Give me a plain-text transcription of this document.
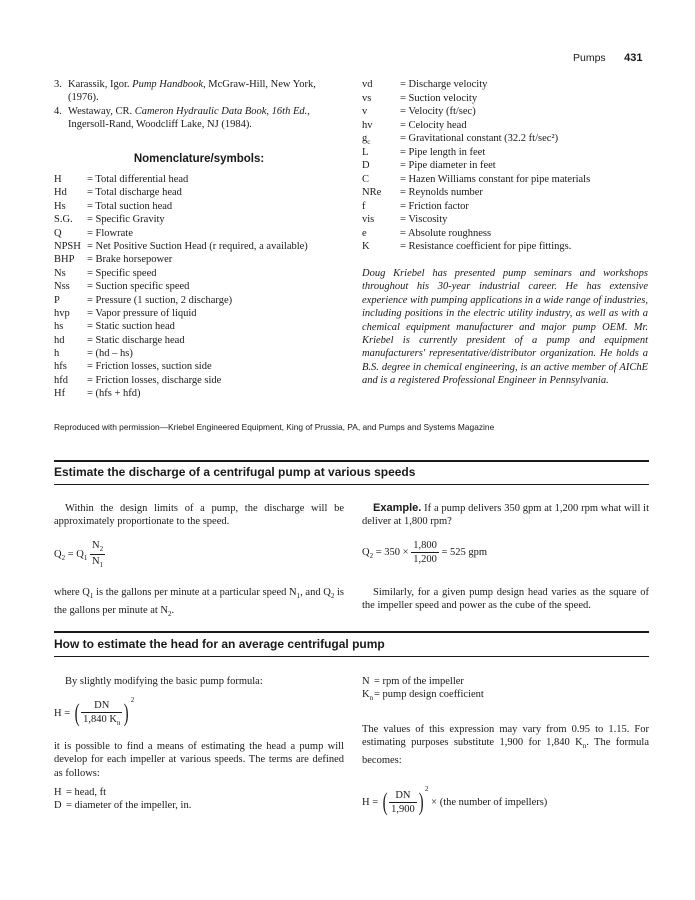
Pumps 431
3. Karassik, Igor. Pump Handbook, McGraw-Hill, New York, (1976).
4. Westaway, CR. Cameron Hydraulic Data Book, 16th Ed., Ingersoll-Rand, Woodcliff Lake, NJ (1984).
Nomenclature/symbols:
H	= Total differential head
Hd	= Total discharge head
Hs	= Total suction head
S.G.	= Specific Gravity
Q	= Flowrate
NPSH = Net Positive Suction Head (r required, a available)
BHP	= Brake horsepower
Ns	= Specific speed
Nss	= Suction specific speed
P	= Pressure (1 suction, 2 discharge)
hvp	= Vapor pressure of liquid
hs	= Static suction head
hd	= Static discharge head
h	= (hd – hs)
hfs	= Friction losses, suction side
hfd	= Friction losses, discharge side
Hf	= (hfs + hfd)
vd	= Discharge velocity
vs	= Suction velocity
v	= Velocity (ft/sec)
hv	= Celocity head
$g_c$	= Gravitational constant (32.2 ft/sec²)
L	= Pipe length in feet
D	= Pipe diameter in feet
C	= Hazen Williams constant for pipe materials
NRe	= Reynolds number
f	= Friction factor
vis	= Viscosity
e	= Absolute roughness
K	= Resistance coefficient for pipe fittings.
Doug Kriebel has presented pump seminars and workshops throughout his 30-year industrial career. He has extensive experience with pumping applications in a wide range of industries, including positions in the electric utility industry, as well as with a chemical equipment manufacturer and major pump OEM. Mr. Kriebel is currently president of a pump and equipment manufacturers' representative/distributor organization. He holds a B.S. degree in chemical engineering, is an active member of AIChE and is a registered Professional Engineer in Pennsylvania.
Reproduced with permission—Kriebel Engineered Equipment, King of Prussia, PA, and Pumps and Systems Magazine
Estimate the discharge of a centrifugal pump at various speeds
Within the design limits of a pump, the discharge will be approximately proportionate to the speed.
$Q_2 = Q_1 \frac{N_2}{N_1}$
where $Q_1$ is the gallons per minute at a particular speed $N_1$, and $Q_2$ is the gallons per minute at $N_2$.
Example. If a pump delivers 350 gpm at 1,200 rpm what will it deliver at 1,800 rpm?
$Q_2 = 350 \times \frac{1,800}{1,200} = 525$ gpm
Similarly, for a given pump design head varies as the square of the impeller speed and power as the cube of the speed.
How to estimate the head for an average centrifugal pump
By slightly modifying the basic pump formula:
H = ( $\frac{DN}{1,840 K_n}$ ) $^2$
it is possible to find a means of estimating the head a pump will develop for each impeller at various speeds. The terms are defined as follows:
H = head, ft
D = diameter of the impeller, in.
N = rpm of the impeller
$K_n$ = pump design coefficient
The values of this expression may vary from 0.95 to 1.15. For estimating purposes substitute 1,900 for 1,840 $K_n$. The formula becomes:
H = ( $\frac{DN}{1,900}$ ) $^2$ × (the number of impellers)
